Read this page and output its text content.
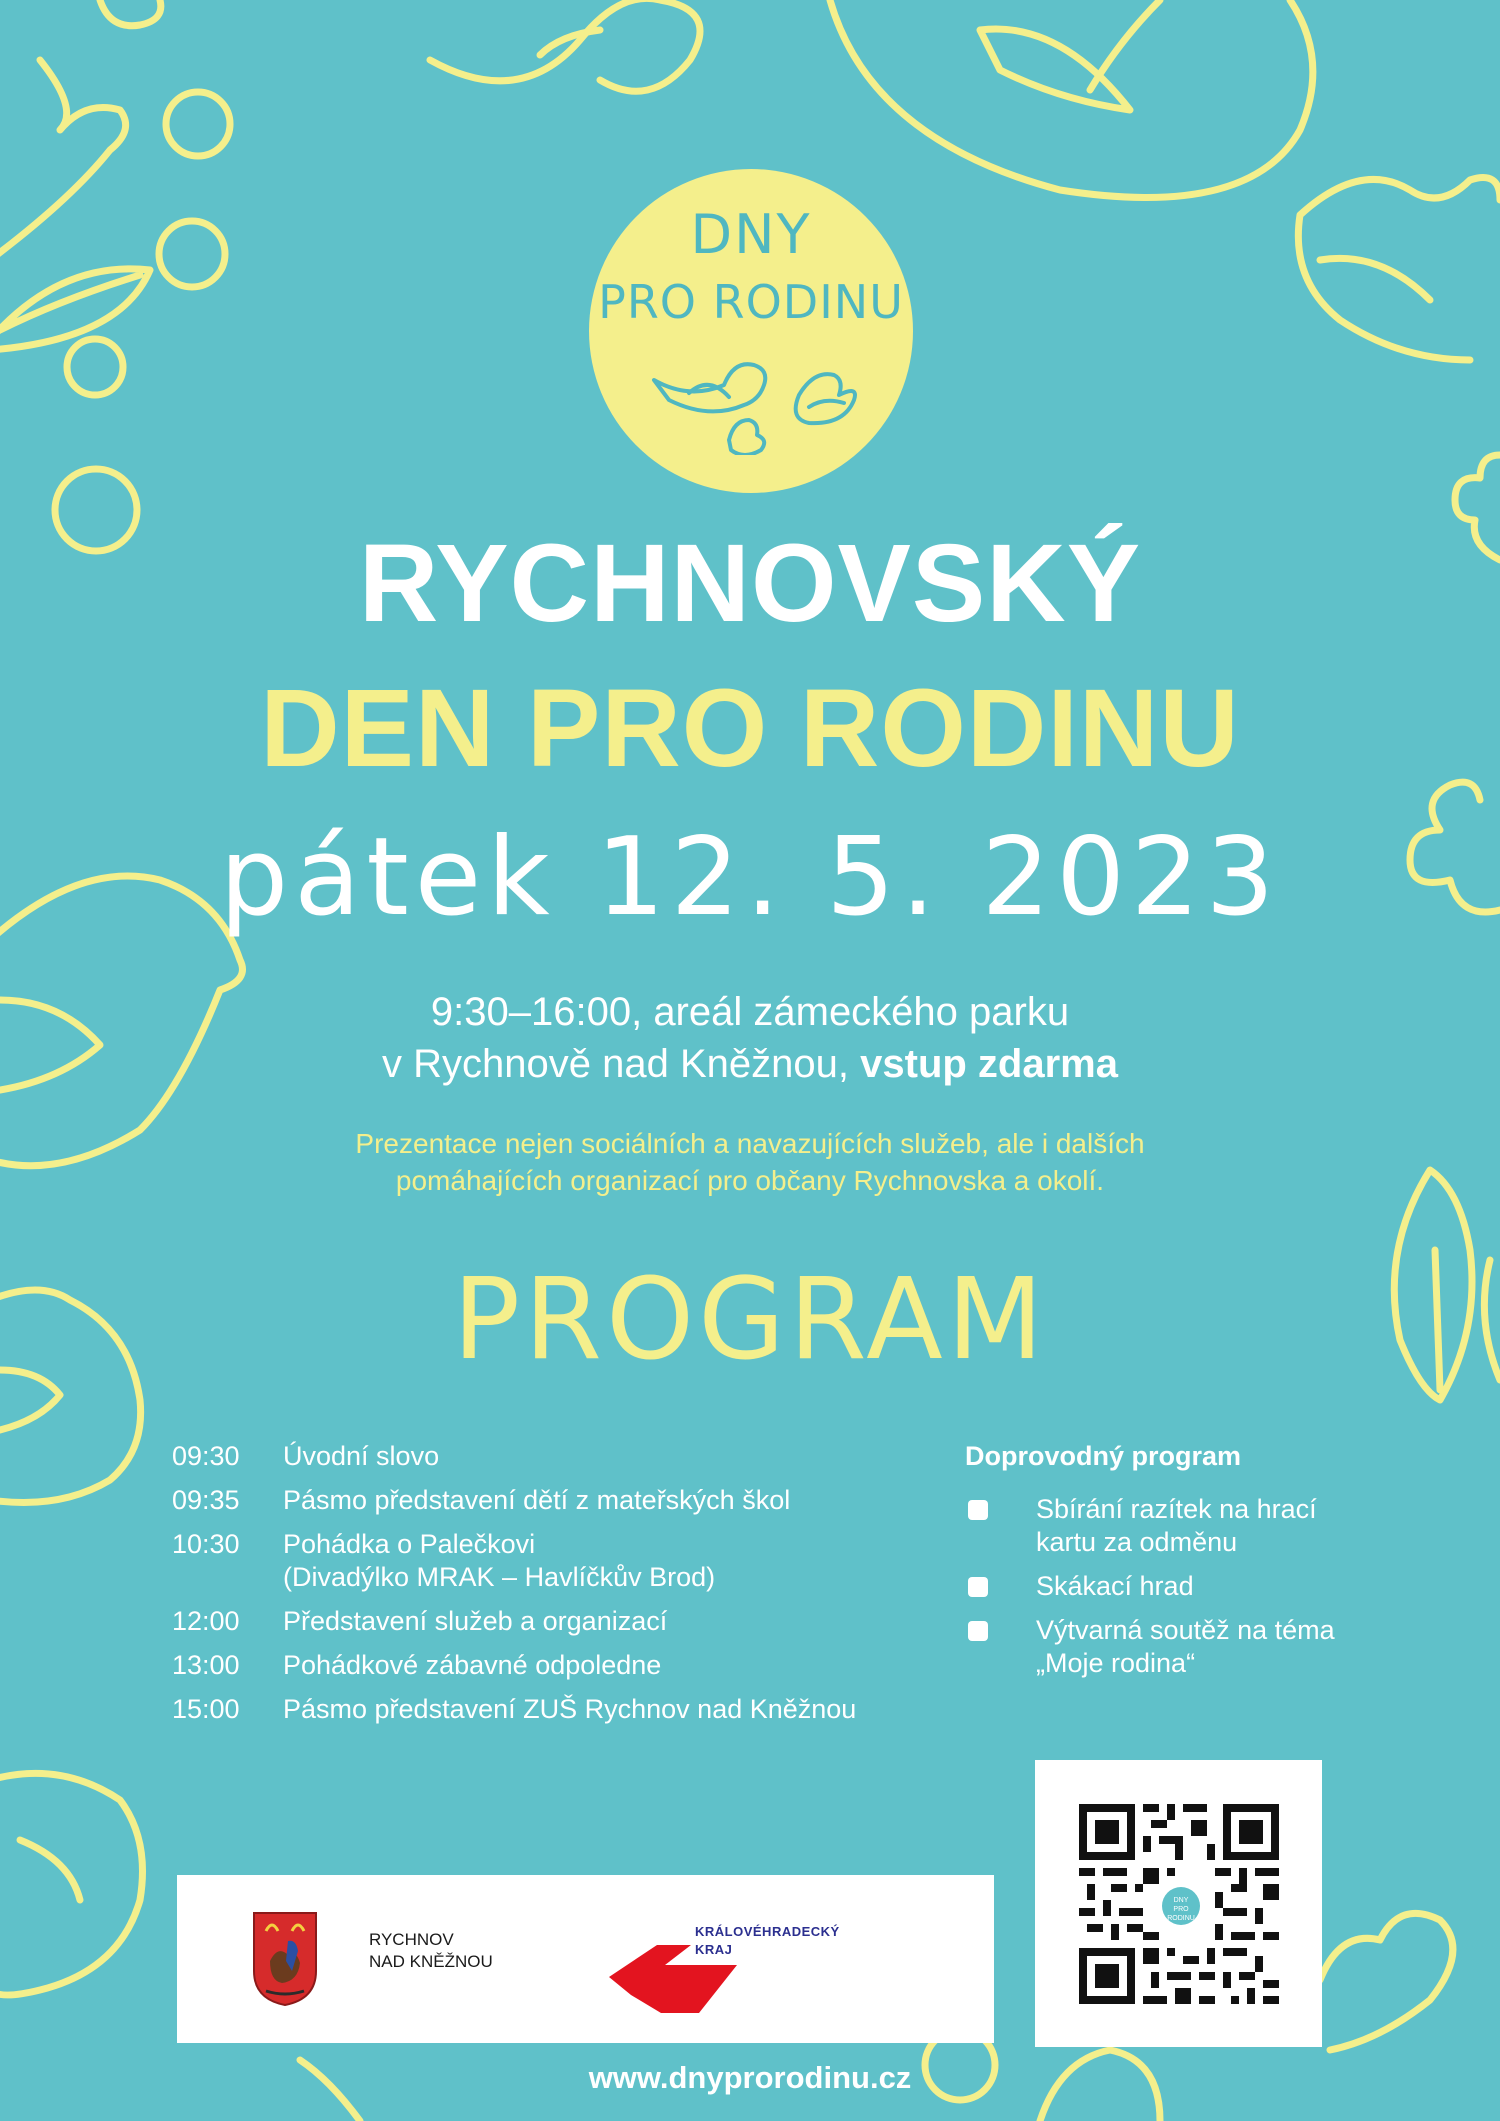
DNY
PRO RODINU
RYCHNOVSKÝ
DEN PRO RODINU
pátek 12. 5. 2023
9:30–16:00, areál zámeckého parku
v Rychnově nad Kněžnou, vstup zdarma
Prezentace nejen sociálních a navazujících služeb, ale i dalších
pomáhajících organizací pro občany Rychnovska a okolí.
PROGRAM
09:30	Úvodní slovo
09:35	Pásmo představení dětí z mateřských škol
10:30	Pohádka o Palečkovi
(Divadýlko MRAK – Havlíčkův Brod)
12:00	Představení služeb a organizací
13:00	Pohádkové zábavné odpoledne
15:00	Pásmo představení ZUŠ Rychnov nad Kněžnou
Doprovodný program
Sbírání razítek na hrací
kartu za odměnu
Skákací hrad
Výtvarná soutěž na téma
„Moje rodina“
RYCHNOV
NAD KNĚŽNOU
KRÁLOVÉHRADECKÝ
KRAJ
DNY
PRO RODINU
www.dnyprorodinu.cz
